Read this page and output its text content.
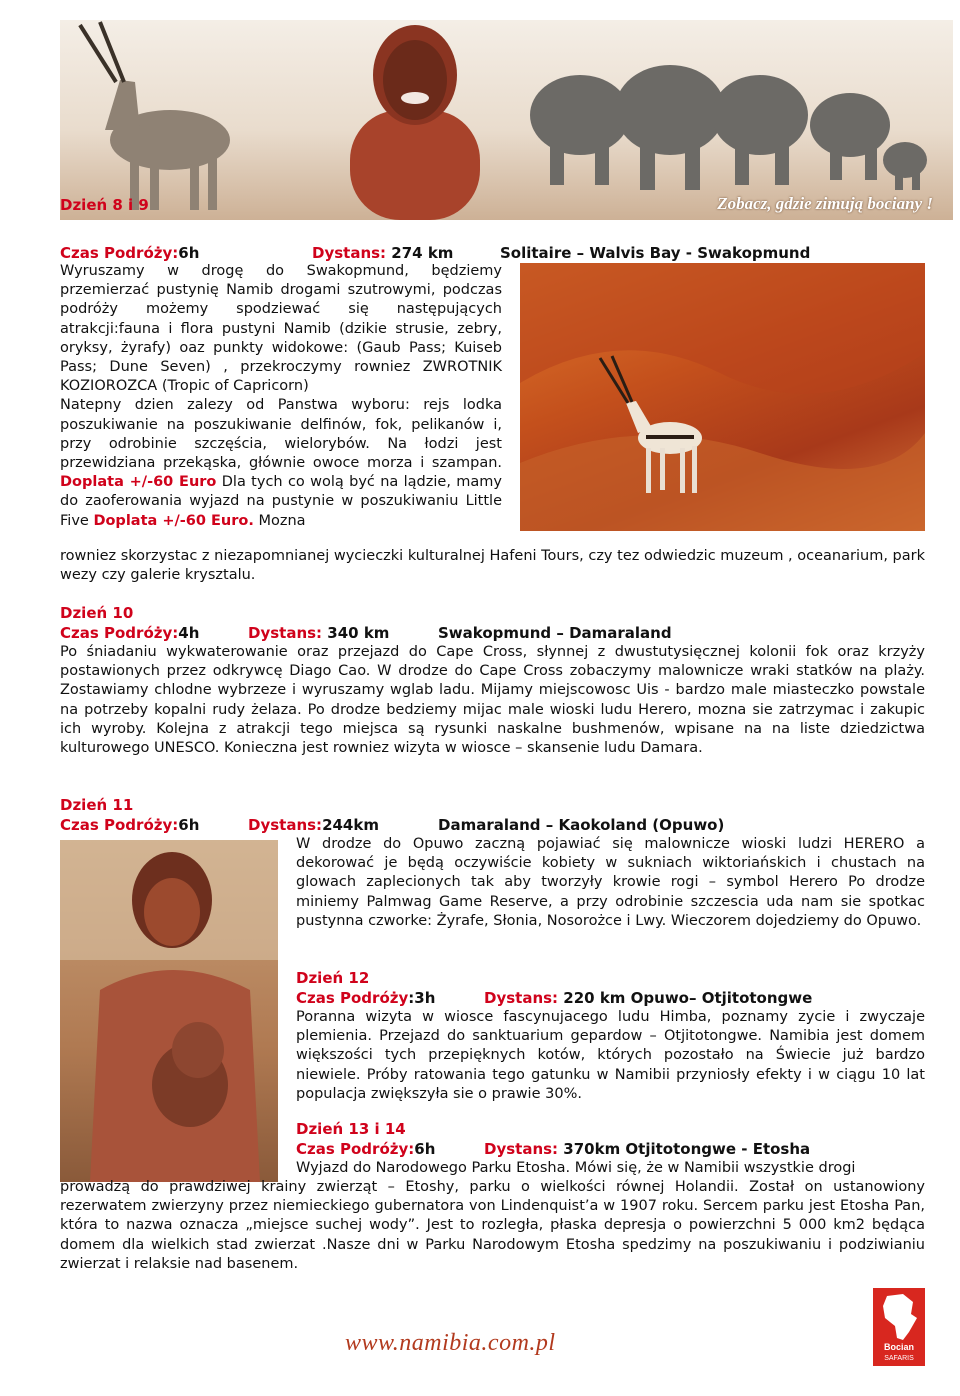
Zobacz, gdzie zimują bociany !
Dzień 8 i 9
Czas Podróży:6h	Dystans: 274 km	Solitaire – Walvis Bay - Swakopmund
Wyruszamy w drogę do Swakopmund, będziemy przemierzać pustynię Namib drogami szutrowymi, podczas podróży możemy spodziewać się następujących atrakcji:fauna i flora pustyni Namib (dzikie strusie, zebry, oryksy, żyrafy) oaz punkty widokowe: (Gaub Pass; Kuiseb Pass; Dune Seven) , przekroczymy rowniez ZWROTNIK KOZIOROZCA (Tropic of Capricorn)
Natepny dzien zalezy od Panstwa wyboru: rejs lodka poszukiwanie na poszukiwanie delfinów, fok, pelikanów i, przy odrobinie szczęścia, wielorybów. Na łodzi jest przewidziana przekąska, głównie owoce morza i szampan. Doplata +/-60 Euro Dla tych co wolą być na lądzie, mamy do zaoferowania wyjazd na pustynie w poszukiwaniu Little Five Doplata +/-60 Euro. Mozna
rowniez skorzystac z niezapomnianej wycieczki kulturalnej Hafeni Tours, czy tez odwiedzic muzeum , oceanarium, park wezy czy galerie krysztalu.
Dzień 10
Czas Podróży:4h	Dystans: 340 km	Swakopmund – Damaraland
Po śniadaniu wykwaterowanie oraz przejazd do Cape Cross, słynnej z dwustutysięcznej kolonii fok oraz krzyży postawionych przez odkrywcę Diago Cao. W drodze do Cape Cross zobaczymy malownicze wraki statków na plaży. Zostawiamy chlodne wybrzeze i wyruszamy wglab ladu. Mijamy miejscowosc Uis - bardzo male miasteczko powstale na potrzeby kopalni rudy żelaza. Po drodze bedziemy mijac male wioski ludu Herero, mozna sie zatrzymac i zakupic ich wyroby. Kolejna z atrakcji tego miejsca są rysunki naskalne bushmenów, wpisane na na liste dziedzictwa kulturowego UNESCO. Konieczna jest rowniez wizyta w wiosce – skansenie ludu Damara.
Dzień 11
Czas Podróży:6h	Dystans:244km	Damaraland – Kaokoland (Opuwo)
W drodze do Opuwo zaczną pojawiać się malownicze wioski ludzi HERERO a dekorować je będą oczywiście kobiety w sukniach wiktoriańskich i chustach na glowach zaplecionych tak aby tworzyły krowie rogi – symbol Herero Po drodze miniemy Palmwag Game Reserve, a przy odrobinie szczescia uda nam sie spotkac pustynna czworke: Żyrafe, Słonia, Nosorożce i Lwy. Wieczorem dojedziemy do Opuwo.
Dzień 12
Czas Podróży:3h	Dystans: 220 km Opuwo– Otjitotongwe
Poranna wizyta w wiosce fascynujacego ludu Himba, poznamy zycie i zwyczaje plemienia. Przejazd do sanktuarium gepardow – Otjitotongwe. Namibia jest domem większości tych przepięknych kotów, których pozostało na Świecie już bardzo niewiele. Próby ratowania tego gatunku w Namibii przyniosły efekty i w ciągu 10 lat populacja zwiększyła sie o prawie 30%.
Dzień 13 i 14
Czas Podróży:6h	Dystans: 370km Otjitotongwe - Etosha
Wyjazd do Narodowego Parku Etosha. Mówi się, że w Namibii wszystkie drogi
prowadzą do prawdziwej krainy zwierząt – Etoshy, parku o wielkości równej Holandii. Został on ustanowiony rezerwatem zwierzyny przez niemieckiego gubernatora von Lindenquist’a w 1907 roku. Sercem parku jest Etosha Pan, która to nazwa oznacza „miejsce suchej wody”. Jest to rozległa, płaska depresja o powierzchni 5 000 km2 będąca domem dla wielkich stad zwierzat .Nasze dni w Parku Narodowym Etosha spedzimy na poszukiwaniu i podziwianiu zwierzat i relaksie nad basenem.
www.namibia.com.pl	Bocian
SAFARIS
